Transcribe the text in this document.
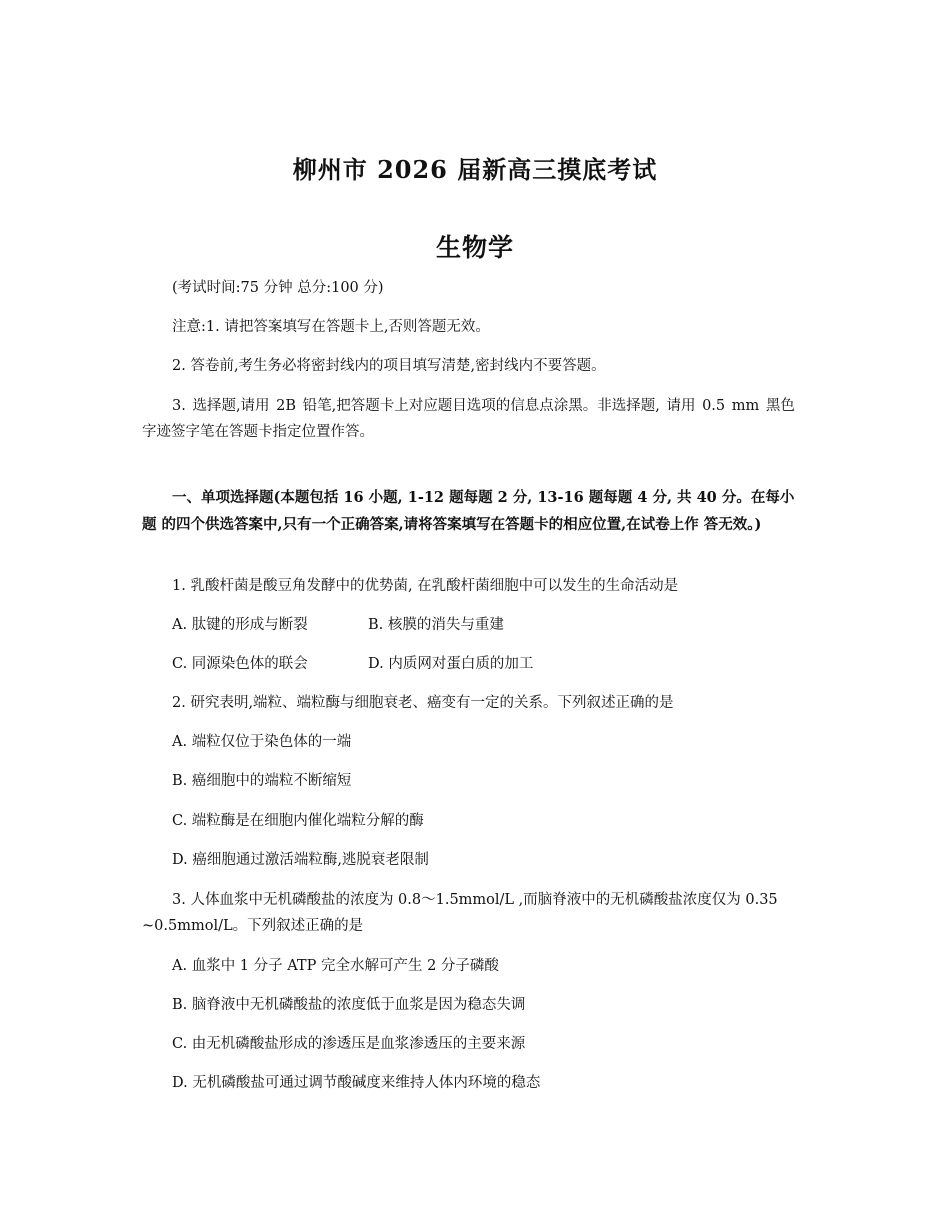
柳州市 2026 届新高三摸底考试
生物学
(考试时间:75 分钟 总分:100 分)
注意:1. 请把答案填写在答题卡上,否则答题无效。
2. 答卷前,考生务必将密封线内的项目填写清楚,密封线内不要答题。
3. 选择题,请用 2B 铅笔,把答题卡上对应题目选项的信息点涂黑。非选择题, 请用 0.5 mm 黑色字迹签字笔在答题卡指定位置作答。
一、单项选择题(本题包括 16 小题, 1-12 题每题 2 分, 13-16 题每题 4 分, 共 40 分。在每小题 的四个供选答案中,只有一个正确答案,请将答案填写在答题卡的相应位置,在试卷上作 答无效。)
1. 乳酸杆菌是酸豆角发酵中的优势菌, 在乳酸杆菌细胞中可以发生的生命活动是
A. 肽键的形成与断裂	B. 核膜的消失与重建
C. 同源染色体的联会	D. 内质网对蛋白质的加工
2. 研究表明,端粒、端粒酶与细胞衰老、癌变有一定的关系。下列叙述正确的是
A. 端粒仅位于染色体的一端
B. 癌细胞中的端粒不断缩短
C. 端粒酶是在细胞内催化端粒分解的酶
D. 癌细胞通过激活端粒酶,逃脱衰老限制
3. 人体血浆中无机磷酸盐的浓度为 0.8～1.5mmol/L ,而脑脊液中的无机磷酸盐浓度仅为 0.35 ~0.5mmol/L。下列叙述正确的是
A. 血浆中 1 分子 ATP 完全水解可产生 2 分子磷酸
B. 脑脊液中无机磷酸盐的浓度低于血浆是因为稳态失调
C. 由无机磷酸盐形成的渗透压是血浆渗透压的主要来源
D. 无机磷酸盐可通过调节酸碱度来维持人体内环境的稳态
